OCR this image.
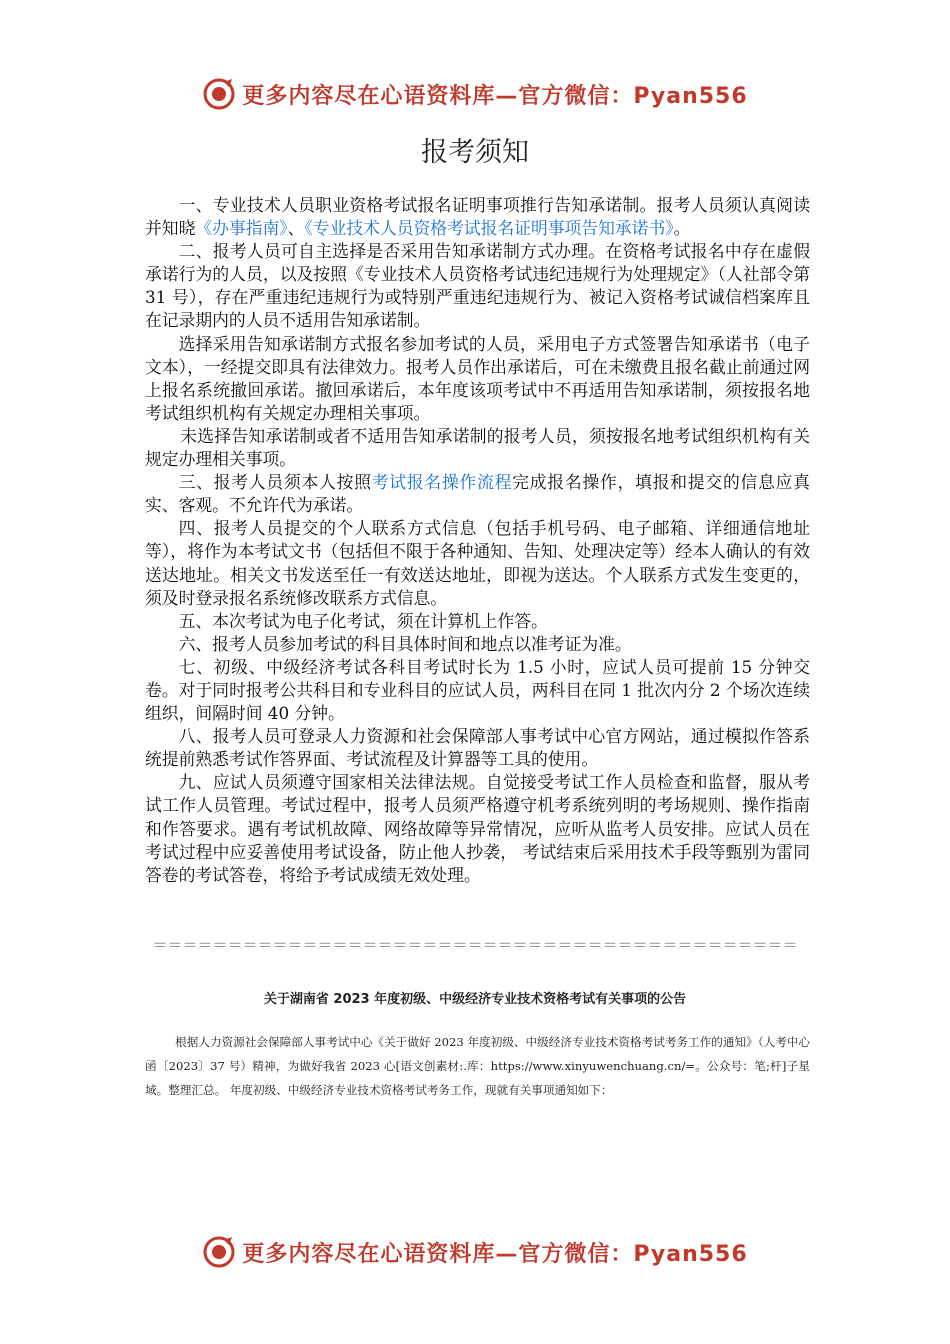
更多内容尽在心语资料库—官方微信：Pyan556
报考须知

一、专业技术人员职业资格考试报名证明事项推行告知承诺制。报考人员须认真阅读并知晓《办事指南》、《专业技术人员资格考试报名证明事项告知承诺书》。

二、报考人员可自主选择是否采用告知承诺制方式办理。在资格考试报名中存在虚假承诺行为的人员，以及按照《专业技术人员资格考试违纪违规行为处理规定》（人社部令第 31 号），存在严重违纪违规行为或特别严重违纪违规行为、被记入资格考试诚信档案库且在记录期内的人员不适用告知承诺制。

选择采用告知承诺制方式报名参加考试的人员，采用电子方式签署告知承诺书（电子文本），一经提交即具有法律效力。报考人员作出承诺后，可在未缴费且报名截止前通过网上报名系统撤回承诺。撤回承诺后，本年度该项考试中不再适用告知承诺制，须按报名地考试组织机构有关规定办理相关事项。

未选择告知承诺制或者不适用告知承诺制的报考人员，须按报名地考试组织机构有关规定办理相关事项。

三、报考人员须本人按照考试报名操作流程完成报名操作，填报和提交的信息应真实、客观。不允许代为承诺。

四、报考人员提交的个人联系方式信息（包括手机号码、电子邮箱、详细通信地址等），将作为本考试文书（包括但不限于各种通知、告知、处理决定等）经本人确认的有效送达地址。相关文书发送至任一有效送达地址，即视为送达。个人联系方式发生变更的，须及时登录报名系统修改联系方式信息。

五、本次考试为电子化考试，须在计算机上作答。

六、报考人员参加考试的科目具体时间和地点以准考证为准。

七、初级、中级经济考试各科目考试时长为 1.5 小时，应试人员可提前 15 分钟交卷。对于同时报考公共科目和专业科目的应试人员，两科目在同 1 批次内分 2 个场次连续组织，间隔时间 40 分钟。

八、报考人员可登录人力资源和社会保障部人事考试中心官方网站，通过模拟作答系统提前熟悉考试作答界面、考试流程及计算器等工具的使用。

九、应试人员须遵守国家相关法律法规。自觉接受考试工作人员检查和监督，服从考试工作人员管理。考试过程中，报考人员须严格遵守机考系统列明的考场规则、操作指南和作答要求。遇有考试机故障、网络故障等异常情况，应听从监考人员安排。应试人员在考试过程中应妥善使用考试设备，防止他人抄袭， 考试结束后采用技术手段等甄别为雷同答卷的考试答卷，将给予考试成绩无效处理。

＝＝＝＝＝＝＝＝＝＝＝＝＝＝＝＝＝＝＝＝＝＝＝＝＝＝＝＝＝＝＝＝＝＝＝＝＝＝＝＝＝＝＝
关于湖南省 2023 年度初级、中级经济专业技术资格考试有关事项的公告

根据人力资源社会保障部人事考试中心《关于做好 2023 年度初级、中级经济专业技术资格考试考务工作的通知》（人考中心函〔2023〕37 号）精神，为做好我省 2023 心[语文创素材:.库：https://www.xinyuwenchuang.cn/=。公众号：笔;杆]子星域。整理汇总。 年度初级、中级经济专业技术资格考试考务工作，现就有关事项通知如下：

更多内容尽在心语资料库—官方微信：Pyan556
